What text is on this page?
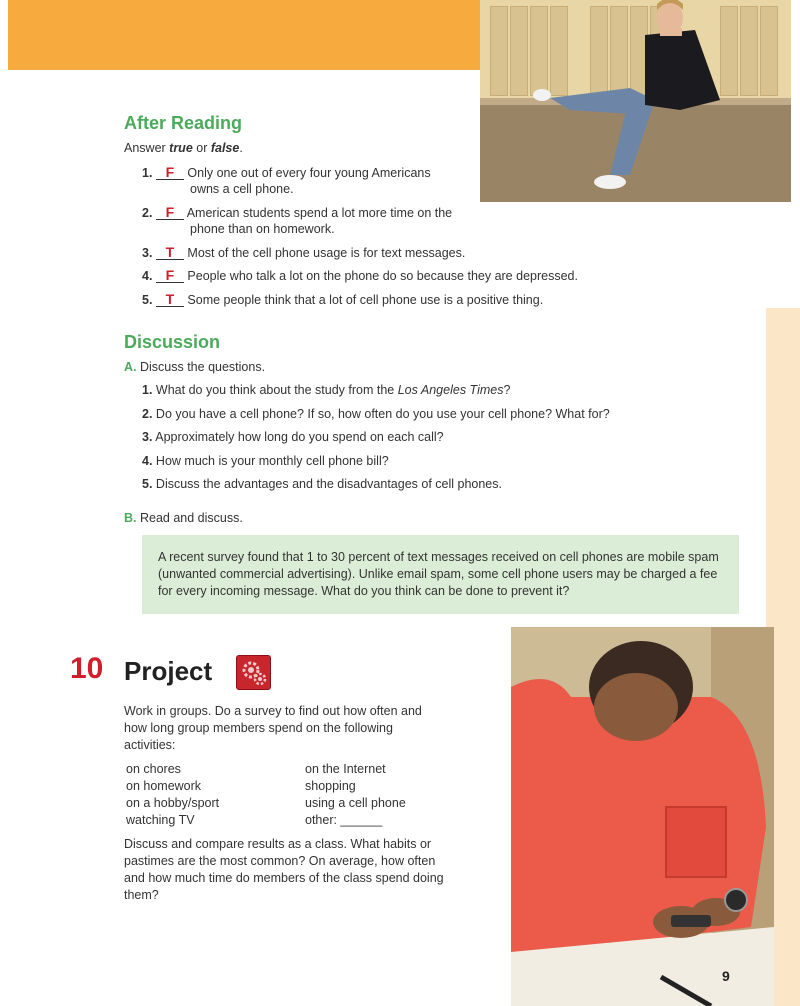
After Reading
Answer true or false.
1. F Only one out of every four young Americans
owns a cell phone.
2. F American students spend a lot more time on the
phone than on homework.
3. T Most of the cell phone usage is for text messages.
4. F People who talk a lot on the phone do so because they are depressed.
5. T Some people think that a lot of cell phone use is a positive thing.
Discussion
A. Discuss the questions.
1. What do you think about the study from the Los Angeles Times?
2. Do you have a cell phone? If so, how often do you use your cell phone? What for?
3. Approximately how long do you spend on each call?
4. How much is your monthly cell phone bill?
5. Discuss the advantages and the disadvantages of cell phones.
B. Read and discuss.

A recent survey found that 1 to 30 percent of text messages received on cell phones are mobile spam (unwanted commercial advertising). Unlike email spam, some cell phone users may be charged a fee for every incoming message. What do you think can be done to prevent it?

10 Project
Work in groups. Do a survey to find out how often and how long group members spend on the following activities:
on chores
on homework
on a hobby/sport
watching TV
on the Internet
shopping
using a cell phone
other: ______
Discuss and compare results as a class. What habits or pastimes are the most common? On average, how often and how much time do members of the class spend doing them?
9
